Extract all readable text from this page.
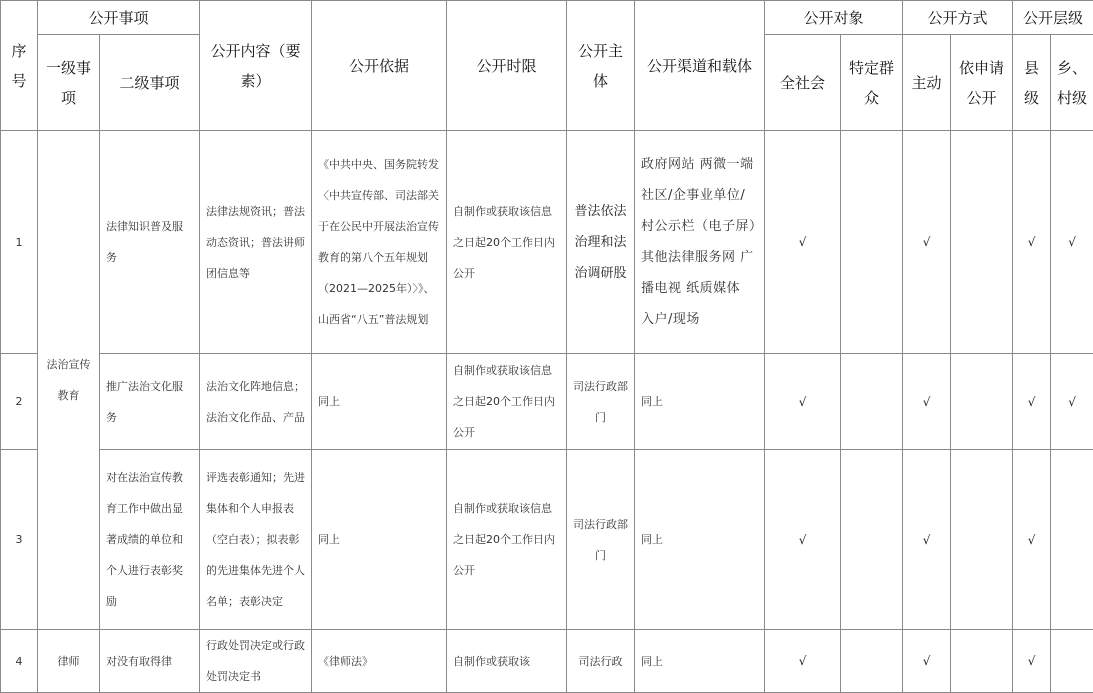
序号	公开事项		公开内容（要素）	公开依据	公开时限	公开主体	公开渠道和载体	公开对象		公开方式		公开层级	
	一级事项	二级事项						全社会	特定群众	主动	依申请公开	县级	乡、村级
1	法治宣传教育	法律知识普及服务	法律法规资讯；普法动态资讯；普法讲师团信息等	《中共中央、国务院转发〈中共宣传部、司法部关于在公民中开展法治宣传教育的第八个五年规划（2021—2025年）〉》、山西省“八五”普法规划	自制作或获取该信息之日起20个工作日内公开	普法依法治理和法治调研股	政府网站 两微一端 社区/企事业单位/村公示栏（电子屏）其他法律服务网 广播电视 纸质媒体 入户/现场	√		√		√	√
2		推广法治文化服务	法治文化阵地信息；法治文化作品、产品	同上	自制作或获取该信息之日起20个工作日内公开	司法行政部门	同上	√		√		√	√
3		对在法治宣传教育工作中做出显著成绩的单位和个人进行表彰奖励	评选表彰通知；先进集体和个人申报表（空白表）；拟表彰的先进集体先进个人名单；表彰决定	同上	自制作或获取该信息之日起20个工作日内公开	司法行政部门	同上	√		√		√	
4	律师	对没有取得律	行政处罚决定或行政处罚决定书	《律师法》	自制作或获取该	司法行政	同上	√		√		√	
